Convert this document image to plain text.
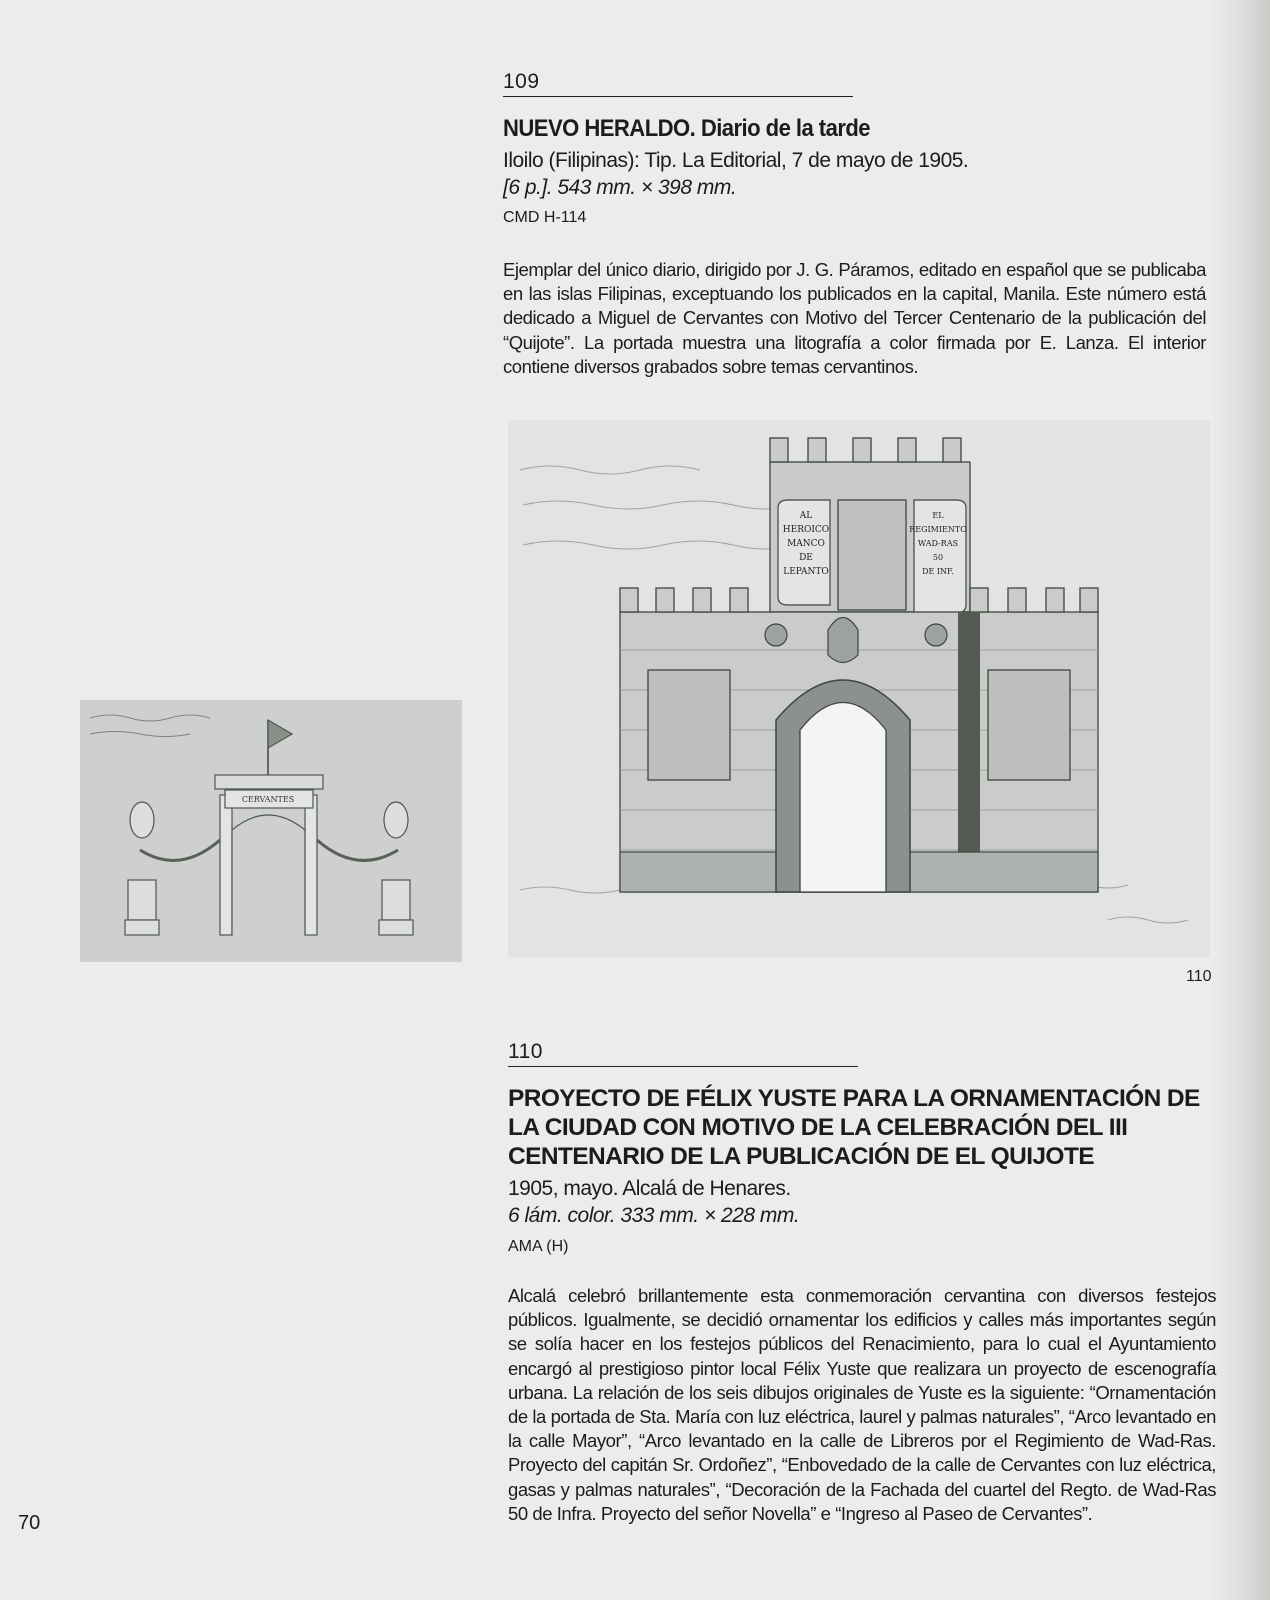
109
NUEVO HERALDO. Diario de la tarde
Iloilo (Filipinas): Tip. La Editorial, 7 de mayo de 1905.
[6 p.]. 543 mm. × 398 mm.
CMD H-114
Ejemplar del único diario, dirigido por J. G. Páramos, editado en español que se publicaba en las islas Filipinas, exceptuando los publicados en la capital, Manila. Este número está dedicado a Miguel de Cervantes con Motivo del Tercer Centenario de la publicación del “Quijote”. La portada muestra una litografía a color firmada por E. Lanza. El interior contiene diversos grabados sobre temas cervantinos.
CERVANTES
AL
HEROICO
MANCO
DE
LEPANTO
EL
REGIMIENTO
WAD-RAS
50
DE INF.
110
110
PROYECTO DE FÉLIX YUSTE PARA LA ORNAMENTACIÓN DE LA CIUDAD CON MOTIVO DE LA CELEBRACIÓN DEL III CENTENARIO DE LA PUBLICACIÓN DE EL QUIJOTE
1905, mayo. Alcalá de Henares.
6 lám. color. 333 mm. × 228 mm.
AMA (H)
Alcalá celebró brillantemente esta conmemoración cervantina con diversos festejos públicos. Igualmente, se decidió ornamentar los edificios y calles más importantes según se solía hacer en los festejos públicos del Renacimiento, para lo cual el Ayuntamiento encargó al prestigioso pintor local Félix Yuste que realizara un proyecto de escenografía urbana. La relación de los seis dibujos originales de Yuste es la siguiente: “Ornamentación de la portada de Sta. María con luz eléctrica, laurel y palmas naturales”, “Arco levantado en la calle Mayor”, “Arco levantado en la calle de Libreros por el Regimiento de Wad-Ras. Proyecto del capitán Sr. Ordoñez”, “Enbovedado de la calle de Cervantes con luz eléctrica, gasas y palmas naturales”, “Decoración de la Fachada del cuartel del Regto. de Wad-Ras 50 de Infra. Proyecto del señor Novella” e “Ingreso al Paseo de Cervantes”.
70
